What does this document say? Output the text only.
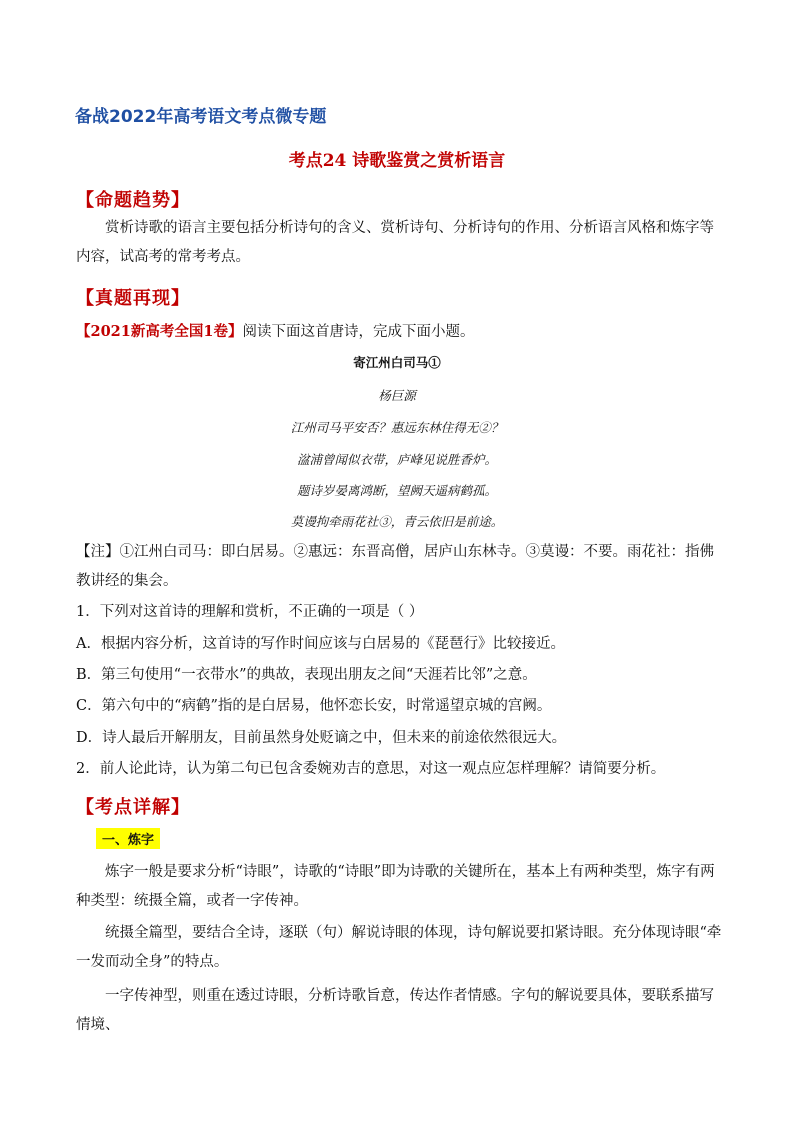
备战2022年高考语文考点微专题
考点24 诗歌鉴赏之赏析语言
【命题趋势】
赏析诗歌的语言主要包括分析诗句的含义、赏析诗句、分析诗句的作用、分析语言风格和炼字等内容，试高考的常考考点。
【真题再现】
【2021新高考全国1卷】阅读下面这首唐诗，完成下面小题。
寄江州白司马①
杨巨源
江州司马平安否？惠远东林住得无②？
湓浦曾闻似衣带，庐峰见说胜香炉。
题诗岁晏离鸿断，望阙天遥病鹤孤。
莫谩拘牵雨花社③，青云依旧是前途。
【注】①江州白司马：即白居易。②惠远：东晋高僧，居庐山东林寺。③莫谩：不要。雨花社：指佛教讲经的集会。
1．下列对这首诗的理解和赏析，不正确的一项是（ ）
A．根据内容分析，这首诗的写作时间应该与白居易的《琵琶行》比较接近。
B．第三句使用“一衣带水”的典故，表现出朋友之间“天涯若比邻”之意。
C．第六句中的“病鹤”指的是白居易，他怀恋长安，时常遥望京城的宫阙。
D．诗人最后开解朋友，目前虽然身处贬谪之中，但未来的前途依然很远大。
2．前人论此诗，认为第二句已包含委婉劝吉的意思，对这一观点应怎样理解？请简要分析。
【考点详解】
一、炼字
炼字一般是要求分析“诗眼”，诗歌的“诗眼”即为诗歌的关键所在，基本上有两种类型，炼字有两种类型：统摄全篇，或者一字传神。
统摄全篇型，要结合全诗，逐联（句）解说诗眼的体现，诗句解说要扣紧诗眼。充分体现诗眼“牵一发而动全身”的特点。
一字传神型，则重在透过诗眼，分析诗歌旨意，传达作者情感。字句的解说要具体，要联系描写情境、
